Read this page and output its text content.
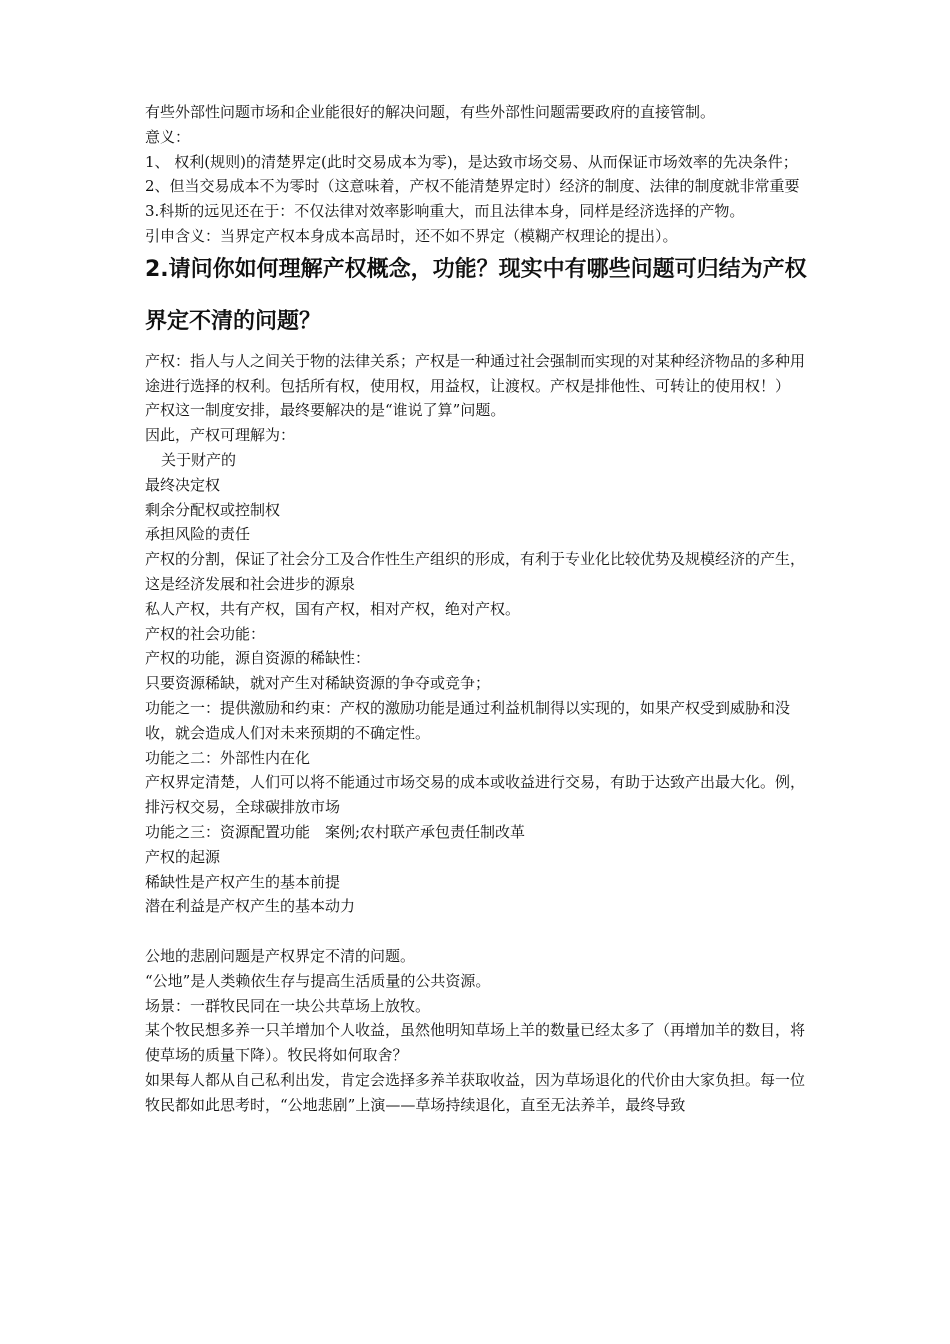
有些外部性问题市场和企业能很好的解决问题，有些外部性问题需要政府的直接管制。

意义：

1、 权利(规则)的清楚界定(此时交易成本为零)，是达致市场交易、从而保证市场效率的先决条件；

2、但当交易成本不为零时（这意味着，产权不能清楚界定时）经济的制度、法律的制度就非常重要

3.科斯的远见还在于：不仅法律对效率影响重大，而且法律本身，同样是经济选择的产物。

引申含义：当界定产权本身成本高昂时，还不如不界定（模糊产权理论的提出）。

2.请问你如何理解产权概念，功能？现实中有哪些问题可归结为产权
界定不清的问题？

产权：指人与人之间关于物的法律关系；产权是一种通过社会强制而实现的对某种经济物品的多种用途进行选择的权利。包括所有权，使用权，用益权，让渡权。产权是排他性、可转让的使用权！）

产权这一制度安排，最终要解决的是“谁说了算”问题。

因此，产权可理解为：

关于财产的

最终决定权

剩余分配权或控制权

承担风险的责任

产权的分割，保证了社会分工及合作性生产组织的形成，有利于专业化比较优势及规模经济的产生，这是经济发展和社会进步的源泉

私人产权，共有产权，国有产权，相对产权，绝对产权。

产权的社会功能：

产权的功能，源自资源的稀缺性：

只要资源稀缺，就对产生对稀缺资源的争夺或竞争；

功能之一：提供激励和约束：产权的激励功能是通过利益机制得以实现的，如果产权受到威胁和没收，就会造成人们对未来预期的不确定性。

功能之二：外部性内在化

产权界定清楚，人们可以将不能通过市场交易的成本或收益进行交易，有助于达致产出最大化。例，排污权交易，全球碳排放市场

功能之三：资源配置功能　案例;农村联产承包责任制改革

产权的起源

稀缺性是产权产生的基本前提

潜在利益是产权产生的基本动力

公地的悲剧问题是产权界定不清的问题。

“公地”是人类赖依生存与提高生活质量的公共资源。

场景：一群牧民同在一块公共草场上放牧。

某个牧民想多养一只羊增加个人收益，虽然他明知草场上羊的数量已经太多了（再增加羊的数目，将使草场的质量下降）。牧民将如何取舍？

如果每人都从自己私利出发，肯定会选择多养羊获取收益，因为草场退化的代价由大家负担。每一位牧民都如此思考时，“公地悲剧”上演——草场持续退化，直至无法养羊，最终导致
